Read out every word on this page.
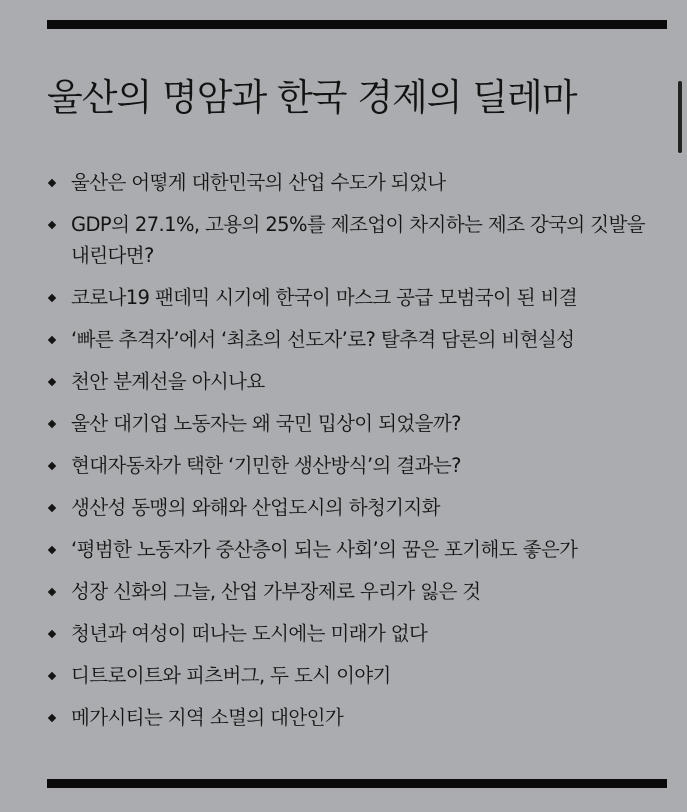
울산의 명암과 한국 경제의 딜레마
울산은 어떻게 대한민국의 산업 수도가 되었나
GDP의 27.1%, 고용의 25%를 제조업이 차지하는 제조 강국의 깃발을 내린다면?
코로나19 팬데믹 시기에 한국이 마스크 공급 모범국이 된 비결
‘빠른 추격자’에서 ‘최초의 선도자’로? 탈추격 담론의 비현실성
천안 분계선을 아시나요
울산 대기업 노동자는 왜 국민 밉상이 되었을까?
현대자동차가 택한 ‘기민한 생산방식’의 결과는?
생산성 동맹의 와해와 산업도시의 하청기지화
‘평범한 노동자가 중산층이 되는 사회’의 꿈은 포기해도 좋은가
성장 신화의 그늘, 산업 가부장제로 우리가 잃은 것
청년과 여성이 떠나는 도시에는 미래가 없다
디트로이트와 피츠버그, 두 도시 이야기
메가시티는 지역 소멸의 대안인가
